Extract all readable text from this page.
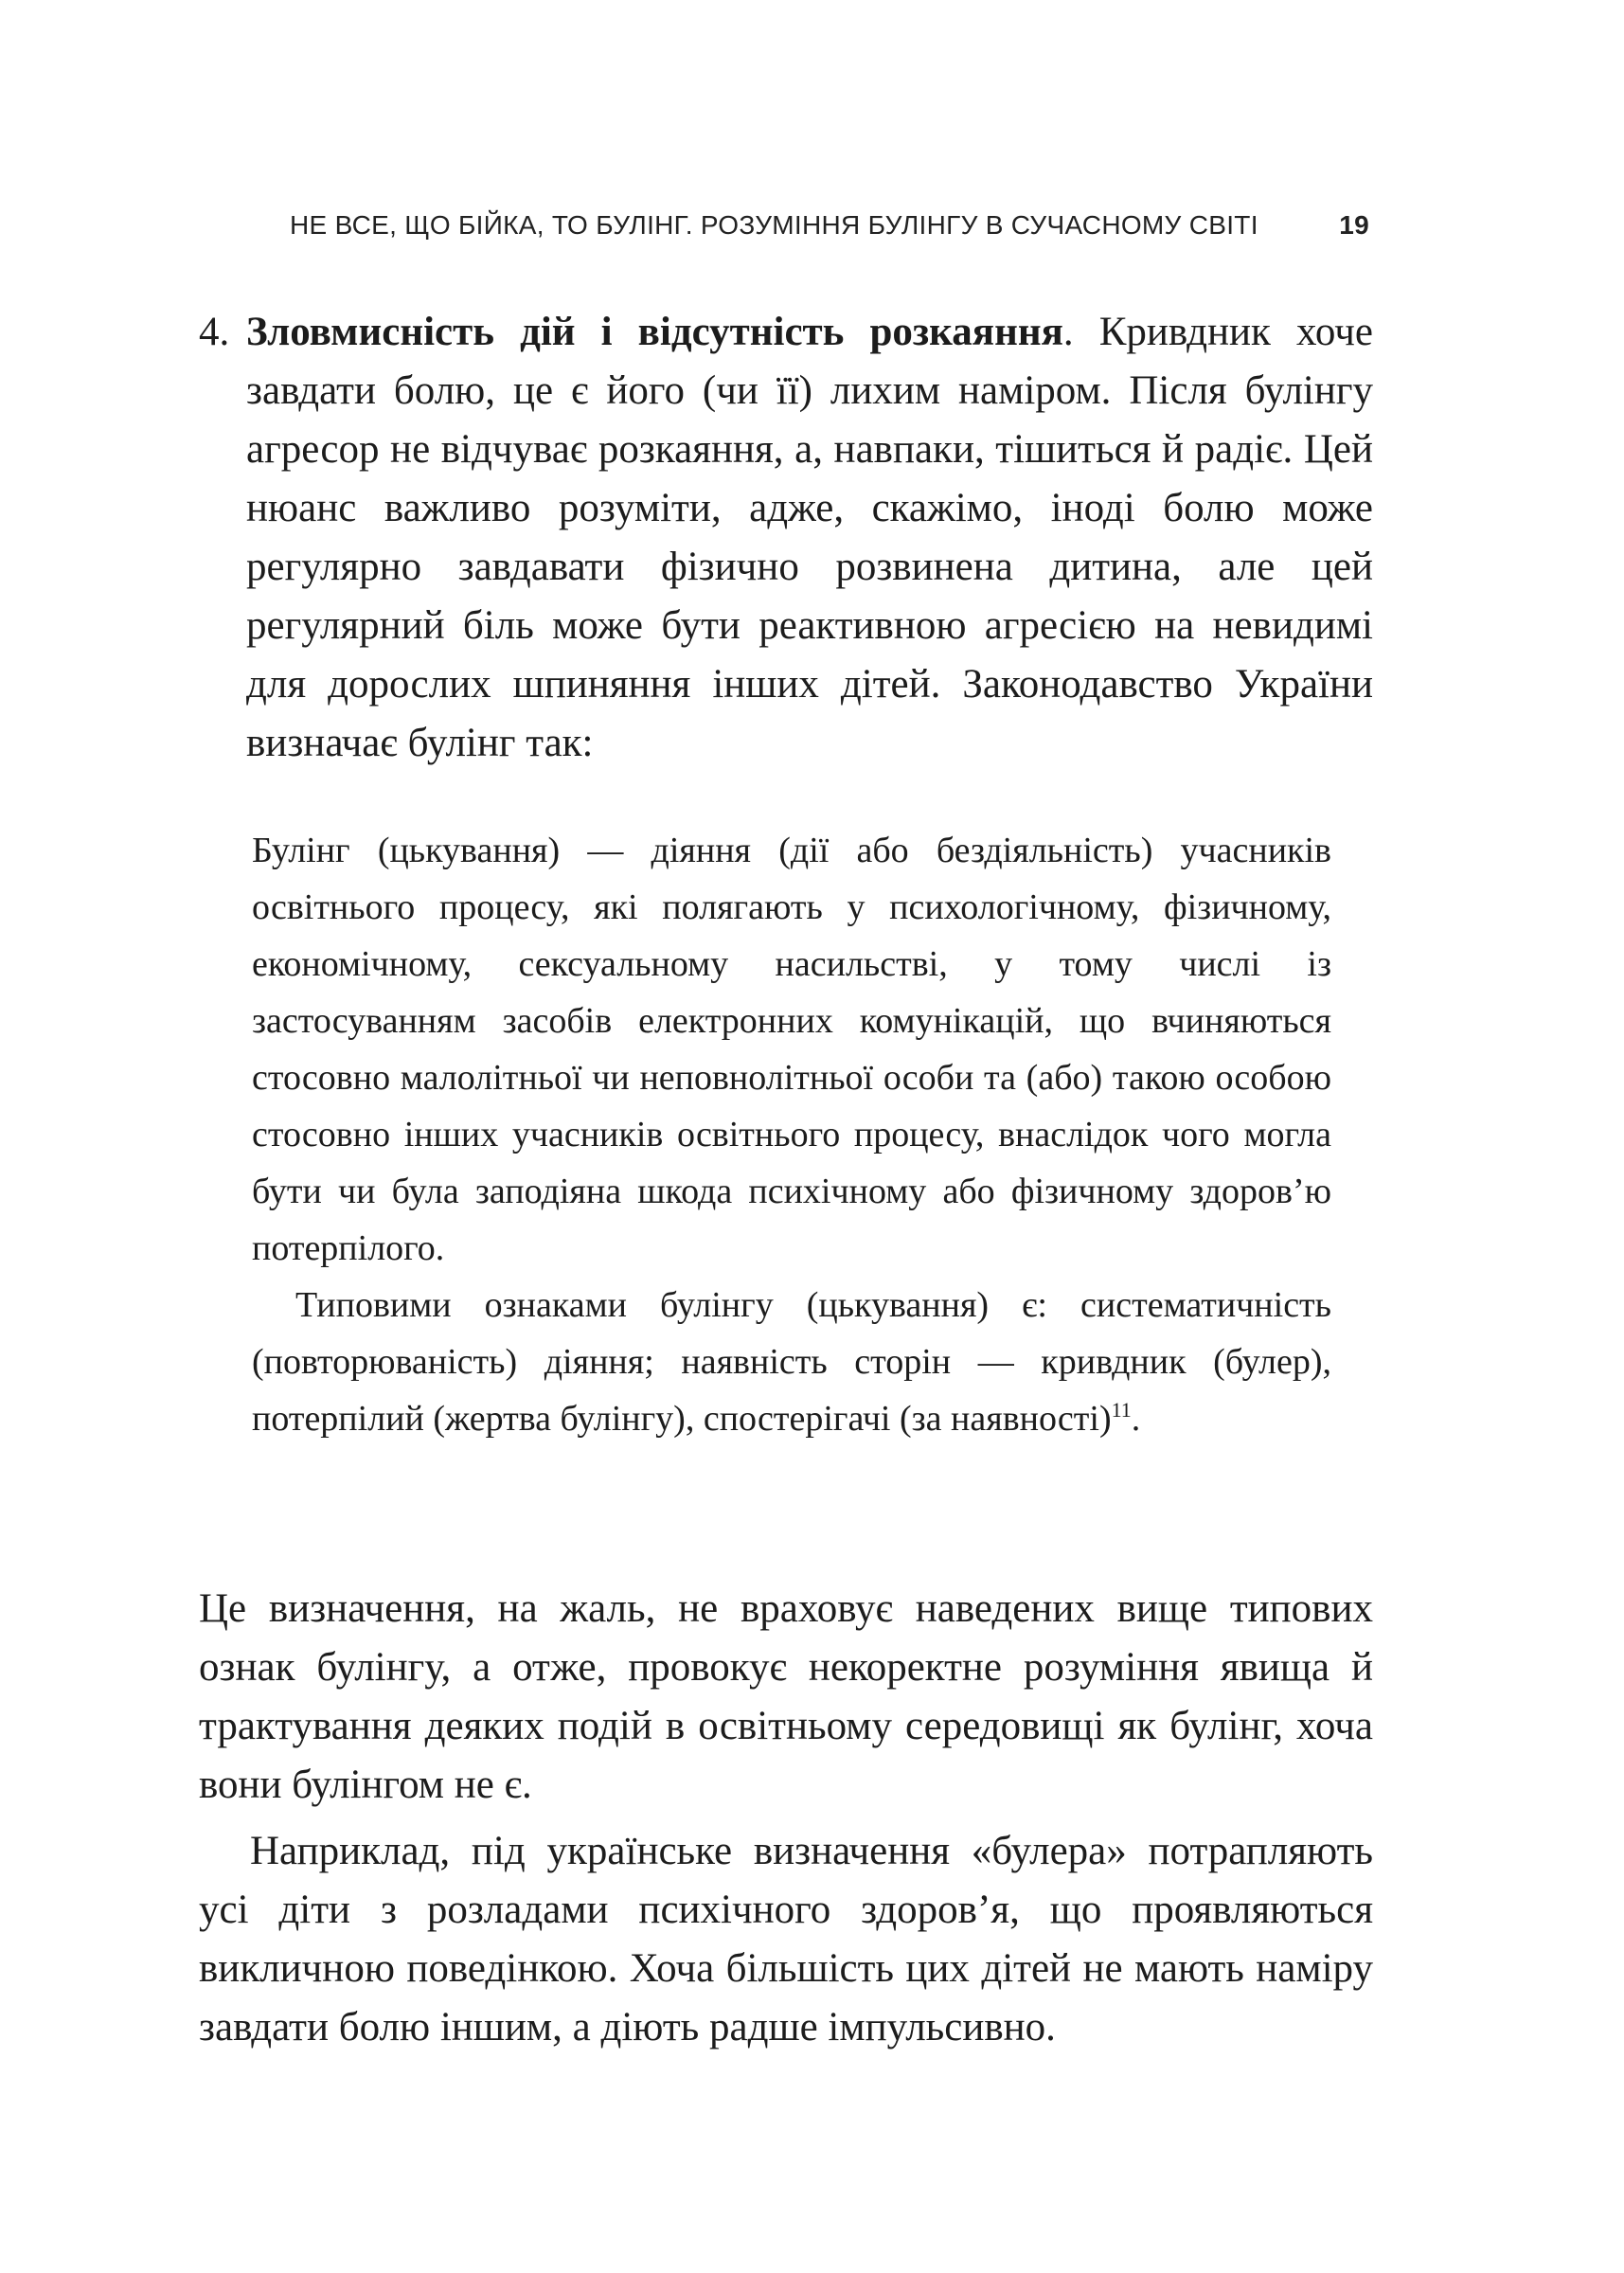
НЕ ВСЕ, ЩО БІЙКА, ТО БУЛІНГ. РОЗУМІННЯ БУЛІНГУ В СУЧАСНОМУ СВІТІ	19
4. Зловмисність дій і відсутність розкаяння. Кривдник хоче завдати болю, це є його (чи її) лихим наміром. Після булінгу агресор не відчуває розкаяння, а, навпаки, тішиться й радіє. Цей нюанс важливо розуміти, адже, скажімо, іноді болю може регулярно завдавати фізично розвинена дитина, але цей регулярний біль може бути реактивною агресією на невидимі для дорослих шпиняння інших дітей. Законодавство України визначає булінг так:

Булінг (цькування) — діяння (дії або бездіяльність) учасників освітнього процесу, які полягають у психологічному, фізичному, економічному, сексуальному насильстві, у тому числі із застосуванням засобів електронних комунікацій, що вчиняються стосовно малолітньої чи неповнолітньої особи та (або) такою особою стосовно інших учасників освітнього процесу, внаслідок чого могла бути чи була заподіяна шкода психічному або фізичному здоров’ю потерпілого.

Типовими ознаками булінгу (цькування) є: систематичність (повторюваність) діяння; наявність сторін — кривдник (булер), потерпілий (жертва булінгу), спостерігачі (за наявності)$^{11}$.

Це визначення, на жаль, не враховує наведених вище типових ознак булінгу, а отже, провокує некоректне розуміння явища й трактування деяких подій в освітньому середовищі як булінг, хоча вони булінгом не є.

Наприклад, під українське визначення «булера» потрапляють усі діти з розладами психічного здоров’я, що проявляються викличною поведінкою. Хоча більшість цих дітей не мають наміру завдати болю іншим, а діють радше імпульсивно.
